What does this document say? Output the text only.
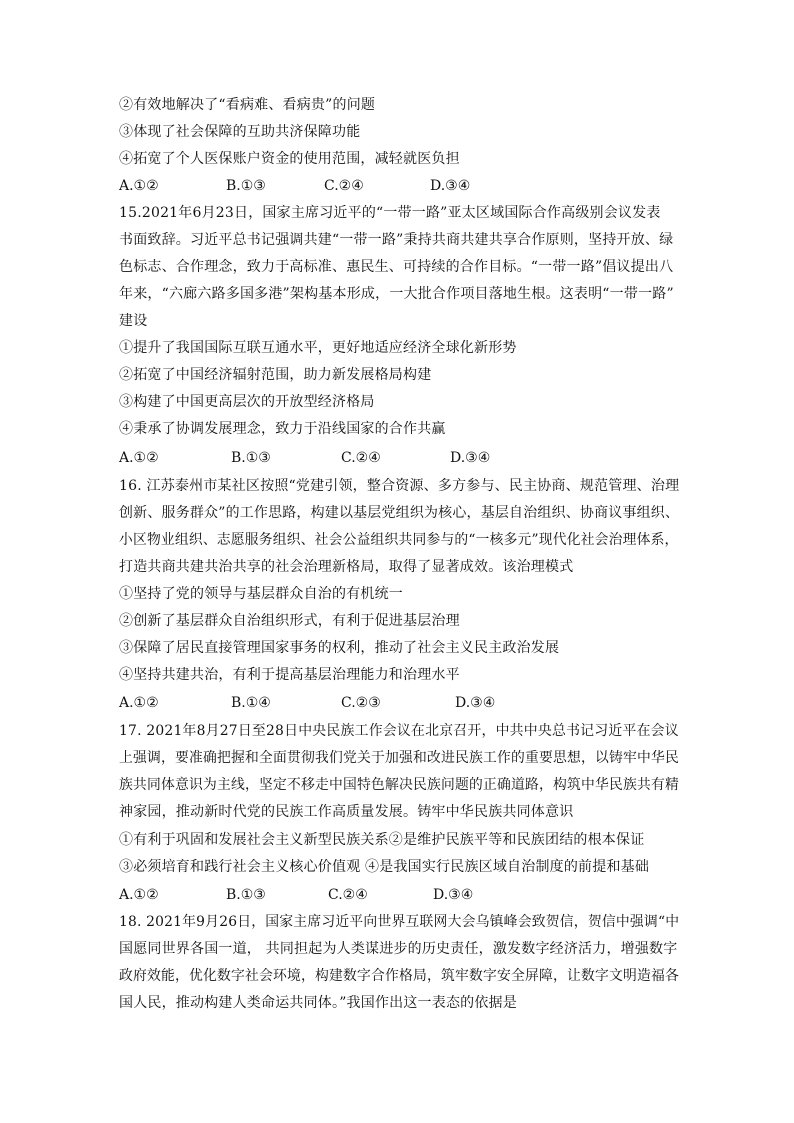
②有效地解决了“看病难、看病贵”的问题
③体现了社会保障的互助共济保障功能
④拓宽了个人医保账户资金的使用范围，减轻就医负担
A.①②	B.①③	C.②④	D.③④
15.2021年6月23日，国家主席习近平的“一带一路”亚太区域国际合作高级别会议发表
书面致辞。习近平总书记强调共建“一带一路”秉持共商共建共享合作原则，坚持开放、绿
色标志、合作理念，致力于高标准、惠民生、可持续的合作目标。“一带一路”倡议提出八
年来，“六廊六路多国多港”架构基本形成，一大批合作项目落地生根。这表明“一带一路”
建设
①提升了我国国际互联互通水平，更好地适应经济全球化新形势
②拓宽了中国经济辐射范围，助力新发展格局构建
③构建了中国更高层次的开放型经济格局
④秉承了协调发展理念，致力于沿线国家的合作共赢
A.①②	B.①③	C.②④	D.③④
16. 江苏泰州市某社区按照“党建引领，整合资源、多方参与、民主协商、规范管理、治理
创新、服务群众”的工作思路，构建以基层党组织为核心，基层自治组织、协商议事组织、
小区物业组织、志愿服务组织、社会公益组织共同参与的“一核多元”现代化社会治理体系，
打造共商共建共治共享的社会治理新格局，取得了显著成效。该治理模式
①坚持了党的领导与基层群众自治的有机统一
②创新了基层群众自治组织形式，有利于促进基层治理
③保障了居民直接管理国家事务的权利，推动了社会主义民主政治发展
④坚持共建共治，有利于提高基层治理能力和治理水平
A.①②	B.①④	C.②③	D.③④
17. 2021年8月27日至28日中央民族工作会议在北京召开，中共中央总书记习近平在会议
上强调，要准确把握和全面贯彻我们党关于加强和改进民族工作的重要思想，以铸牢中华民
族共同体意识为主线，坚定不移走中国特色解决民族问题的正确道路，构筑中华民族共有精
神家园，推动新时代党的民族工作高质量发展。铸牢中华民族共同体意识
①有利于巩固和发展社会主义新型民族关系②是维护民族平等和民族团结的根本保证
③必须培育和践行社会主义核心价值观 ④是我国实行民族区域自治制度的前提和基础
A.①②	B.①③	C.②④	D.③④
18. 2021年9月26日，国家主席习近平向世界互联网大会乌镇峰会致贺信，贺信中强调“中
国愿同世界各国一道， 共同担起为人类谋进步的历史责任，激发数字经济活力，增强数字
政府效能，优化数字社会环境，构建数字合作格局，筑牢数字安全屏障，让数字文明造福各
国人民，推动构建人类命运共同体。”我国作出这一表态的依据是
